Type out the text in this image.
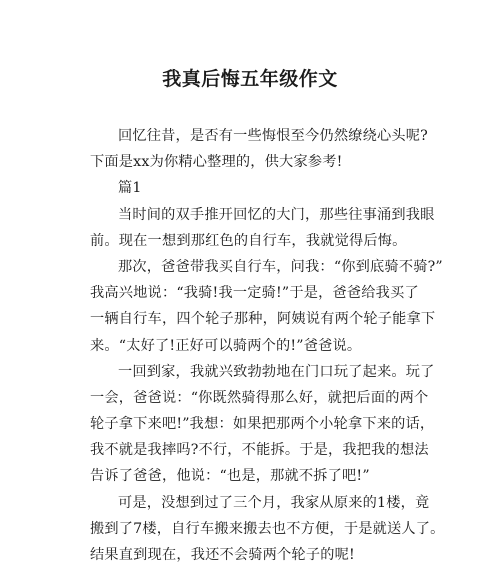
我真后悔五年级作文
回忆往昔，是否有一些悔恨至今仍然缭绕心头呢?
下面是xx为你精心整理的，供大家参考!
篇1
当时间的双手推开回忆的大门，那些往事涌到我眼
前。现在一想到那红色的自行车，我就觉得后悔。
那次，爸爸带我买自行车，问我：“你到底骑不骑?”
我高兴地说：“我骑!我一定骑!”于是，爸爸给我买了
一辆自行车，四个轮子那种，阿姨说有两个轮子能拿下
来。“太好了!正好可以骑两个的!”爸爸说。
一回到家，我就兴致勃勃地在门口玩了起来。玩了
一会，爸爸说：“你既然骑得那么好，就把后面的两个
轮子拿下来吧!”我想：如果把那两个小轮拿下来的话，
我不就是我摔吗?不行，不能拆。于是，我把我的想法
告诉了爸爸，他说：“也是，那就不拆了吧!”
可是，没想到过了三个月，我家从原来的1楼，竟
搬到了7楼，自行车搬来搬去也不方便，于是就送人了。
结果直到现在，我还不会骑两个轮子的呢!
